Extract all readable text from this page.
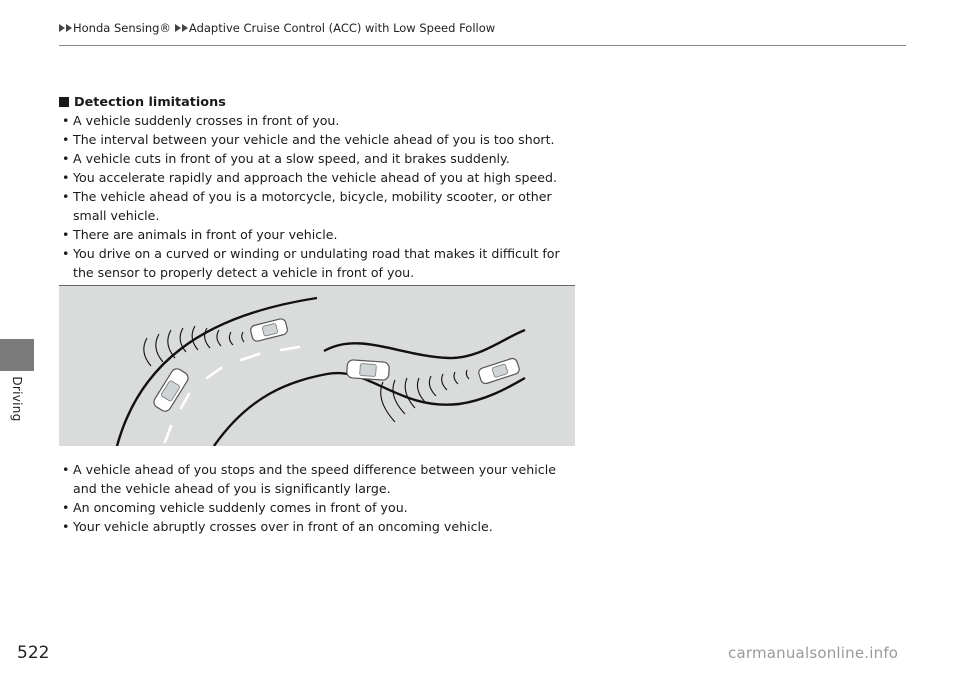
Honda Sensing® Adaptive Cruise Control (ACC) with Low Speed Follow
Driving
Detection limitations
• A vehicle suddenly crosses in front of you.
• The interval between your vehicle and the vehicle ahead of you is too short.
• A vehicle cuts in front of you at a slow speed, and it brakes suddenly.
• You accelerate rapidly and approach the vehicle ahead of you at high speed.
• The vehicle ahead of you is a motorcycle, bicycle, mobility scooter, or other small vehicle.
• There are animals in front of your vehicle.
• You drive on a curved or winding or undulating road that makes it difficult for the sensor to properly detect a vehicle in front of you.
• A vehicle ahead of you stops and the speed difference between your vehicle and the vehicle ahead of you is significantly large.
• An oncoming vehicle suddenly comes in front of you.
• Your vehicle abruptly crosses over in front of an oncoming vehicle.
522	carmanualsonline.info
